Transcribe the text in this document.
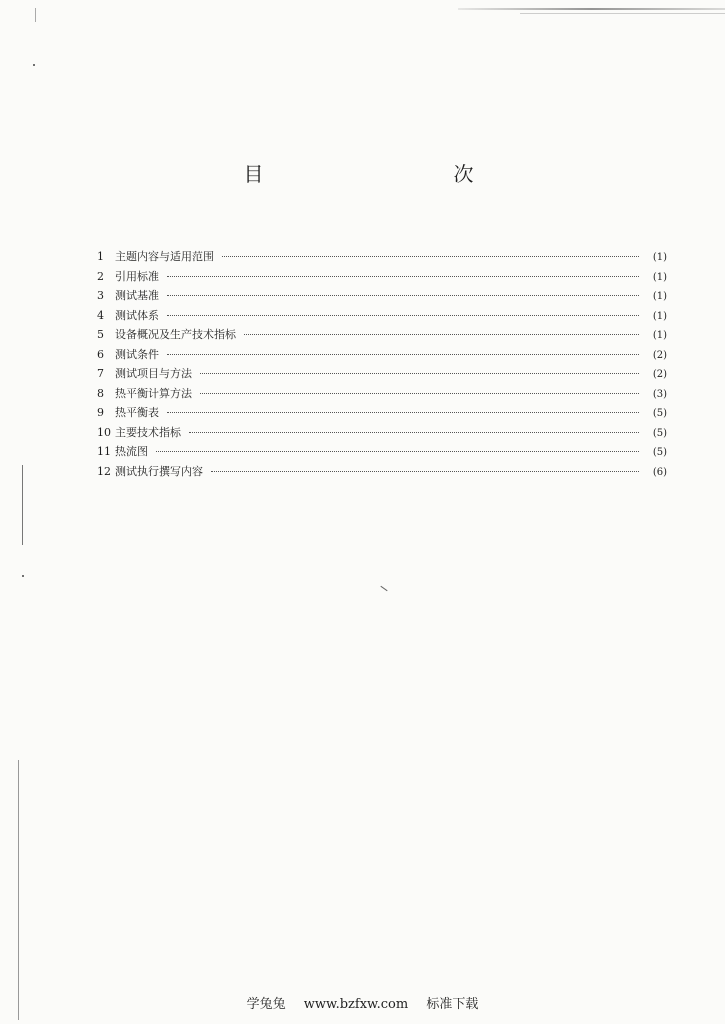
目　　次
1	主题内容与适用范围	(1)
2	引用标准	(1)
3	测试基准	(1)
4	测试体系	(1)
5	设备概况及生产技术指标	(1)
6	测试条件	(2)
7	测试项目与方法	(2)
8	热平衡计算方法	(3)
9	热平衡表	(5)
10 主要技术指标	(5)
11 热流图	(5)
12 测试执行撰写内容	(6)
学兔兔 www.bzfxw.com 标准下载
